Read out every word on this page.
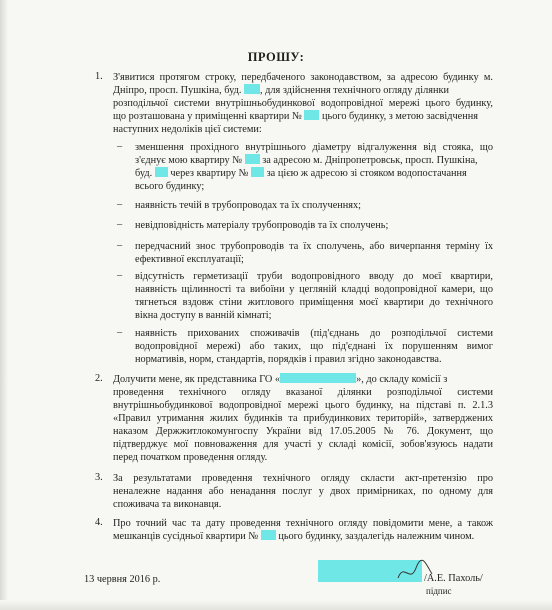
ПРОШУ:
1. З'явитися протягом строку, передбаченого законодавством, за адресою будинку м.
Дніпро, просп. Пушкіна, буд. , для здійснення технічного огляду ділянки
розподільчої системи внутрішньобудинкової водопровідної мережі цього будинку,
що розташована у приміщенні квартири № цього будинку, з метою засвідчення
наступних недоліків цієї системи:
– зменшення прохідного внутрішнього діаметру відгалуження від стояка, що
з'єднує мою квартиру № за адресою м. Дніпропетровськ, просп. Пушкіна,
буд. через квартиру № за цією ж адресою зі стояком водопостачання
всього будинку;
– наявність течій в трубопроводах та їх сполученнях;
– невідповідність матеріалу трубопроводів та їх сполучень;
– передчасний знос трубопроводів та їх сполучень, або вичерпання терміну їх
ефективної експлуатації;
– відсутність герметизації труби водопровідного вводу до моєї квартири,
наявність щілинності та вибоїни у цегляній кладці водопровідної камери, що
тягнеться вздовж стіни житлового приміщення моєї квартири до технічного
вікна доступу в ванній кімнаті;
– наявність прихованих споживачів (під'єднань до розподільчої системи
водопровідної мережі) або таких, що під'єднані їх порушенням вимог
нормативів, норм, стандартів, порядків і правил згідно законодавства.
2. Долучити мене, як представника ГО «	», до складу комісії з
проведення технічного огляду вказаної ділянки розподільчої системи
внутрішньобудинкової водопровідної мережі цього будинку, на підставі п. 2.1.3
«Правил утримання жилих будинків та прибудинкових територій», затверджених
наказом Держжитлокомунгоспу України від 17.05.2005 № 76. Документ, що
підтверджує мої повноваження для участі у складі комісії, зобов'язуюсь надати
перед початком проведення огляду.
3. За результатами проведення технічного огляду скласти акт-претензію про
неналежне надання або ненадання послуг у двох примірниках, по одному для
споживача та виконавця.
4. Про точний час та дату проведення технічного огляду повідомити мене, а також
мешканців сусідньої квартири № цього будинку, заздалегідь належним чином.
13 червня 2016 р.	/А.Е. Пахоль/
підпис
